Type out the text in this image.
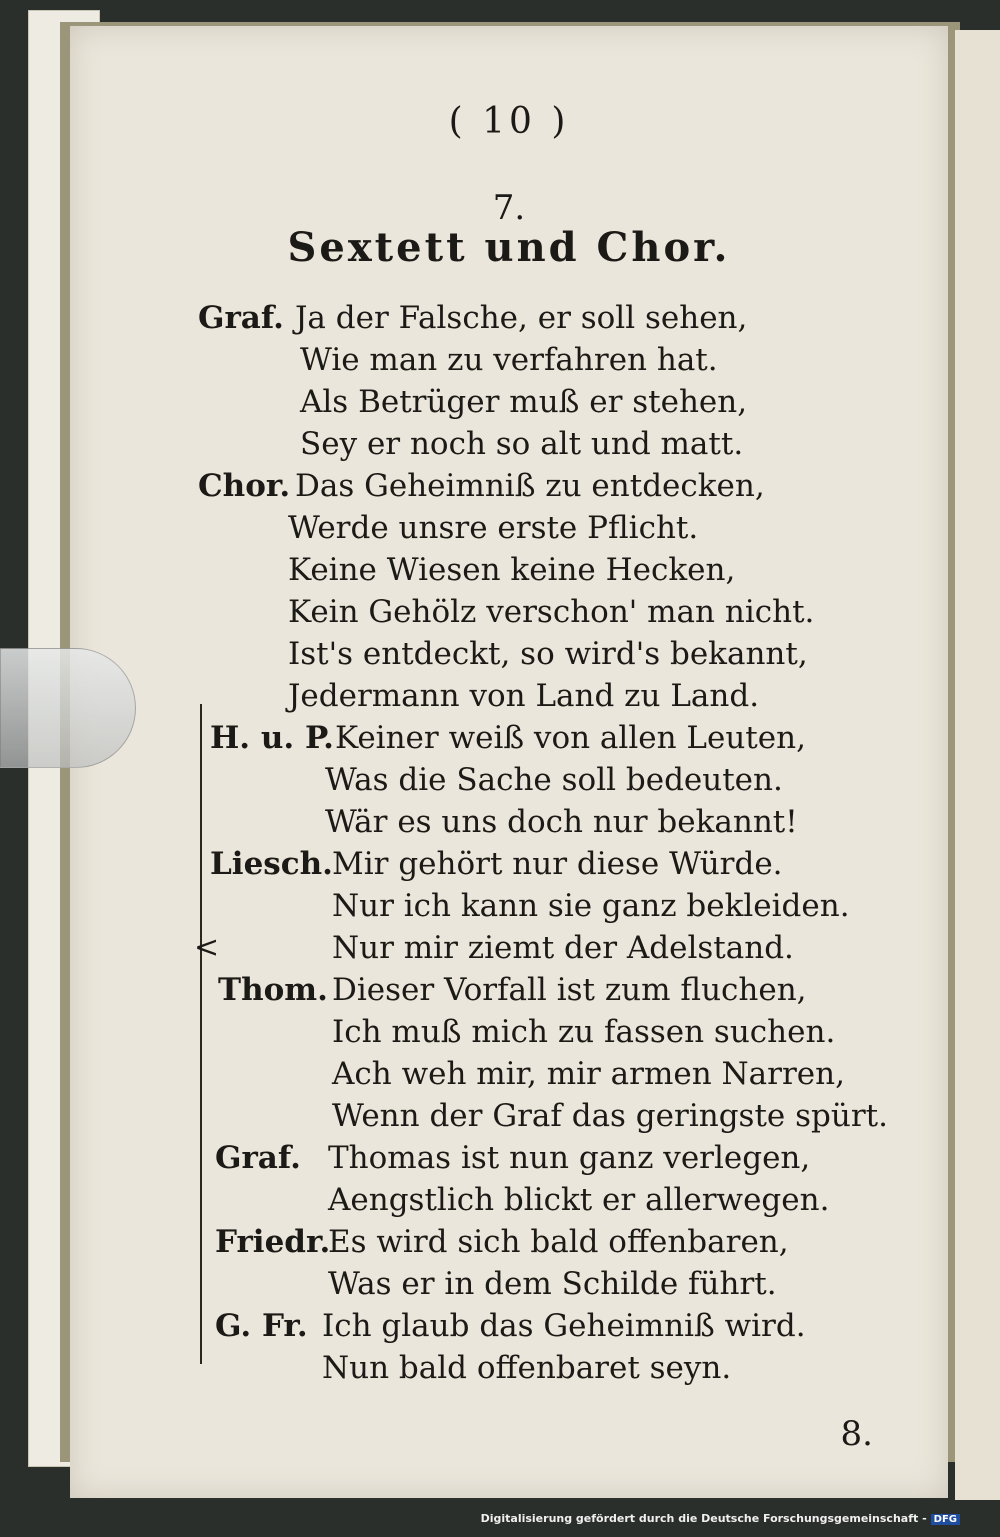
( 10 )
7.
Sextett und Chor.
<
Graf. Ja der Falsche, er soll sehen,
Wie man zu verfahren hat.
Als Betrüger muß er stehen,
Sey er noch so alt und matt.
Chor. Das Geheimniß zu entdecken,
Werde unsre erste Pflicht.
Keine Wiesen keine Hecken,
Kein Gehölz verschon' man nicht.
Ist's entdeckt, so wird's bekannt,
Jedermann von Land zu Land.
H. u. P. Keiner weiß von allen Leuten,
Was die Sache soll bedeuten.
Wär es uns doch nur bekannt!
Liesch. Mir gehört nur diese Würde.
Nur ich kann sie ganz bekleiden.
Nur mir ziemt der Adelstand.
Thom. Dieser Vorfall ist zum fluchen,
Ich muß mich zu fassen suchen.
Ach weh mir, mir armen Narren,
Wenn der Graf das geringste spürt.
Graf. Thomas ist nun ganz verlegen,
Aengstlich blickt er allerwegen.
Friedr.
Es wird sich bald offenbaren,
Was er in dem Schilde führt.
G. Fr. Ich glaub das Geheimniß wird.
Nun bald offenbaret seyn.
8.
Digitalisierung gefördert durch die Deutsche Forschungsgemeinschaft - DFG
